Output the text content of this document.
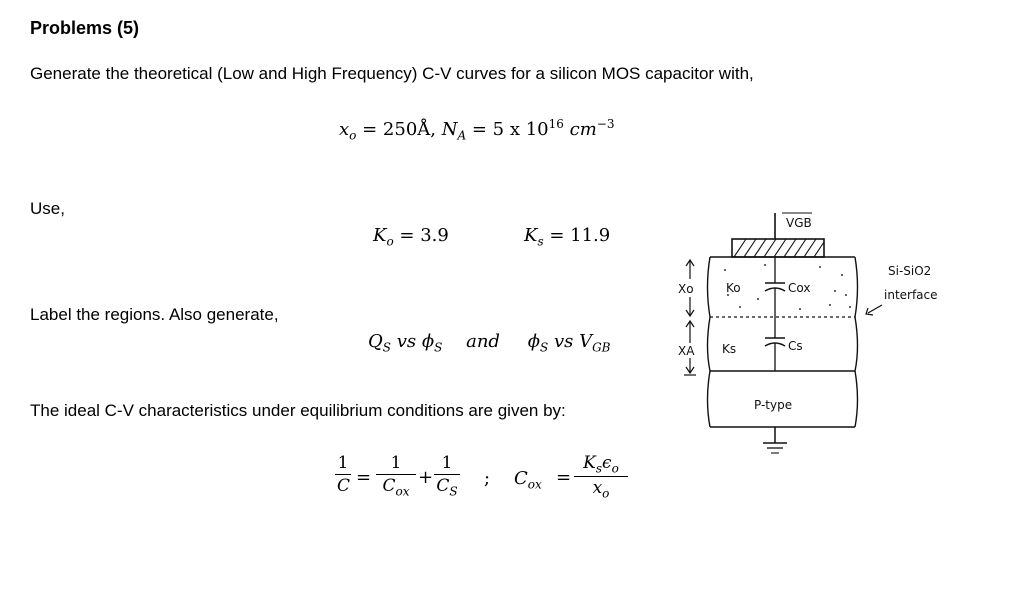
Problems (5)
Generate the theoretical (Low and High Frequency) C-V curves for a silicon MOS capacitor with,
$x_o$ = 250Å, $N_A = 5$ x $10^{16}$ $cm^{-3}$
Use,
$K_o = 3.9$	$K_s = 11.9$
Label the regions. Also generate,
$Q_S$ vs $\phi_S$ and $\phi_S$ vs $V_{GB}$
The ideal C-V characteristics under equilibrium conditions are given by:
1
C =
1
$C_{ox}$
+
1
$C_S$
; $C_{ox}$ =
$K_s\epsilon_o$
$x_o$
VGB
Cox
Ko
Cs
Ks
P-type
Xo
XA
Si-SiO2
interface
